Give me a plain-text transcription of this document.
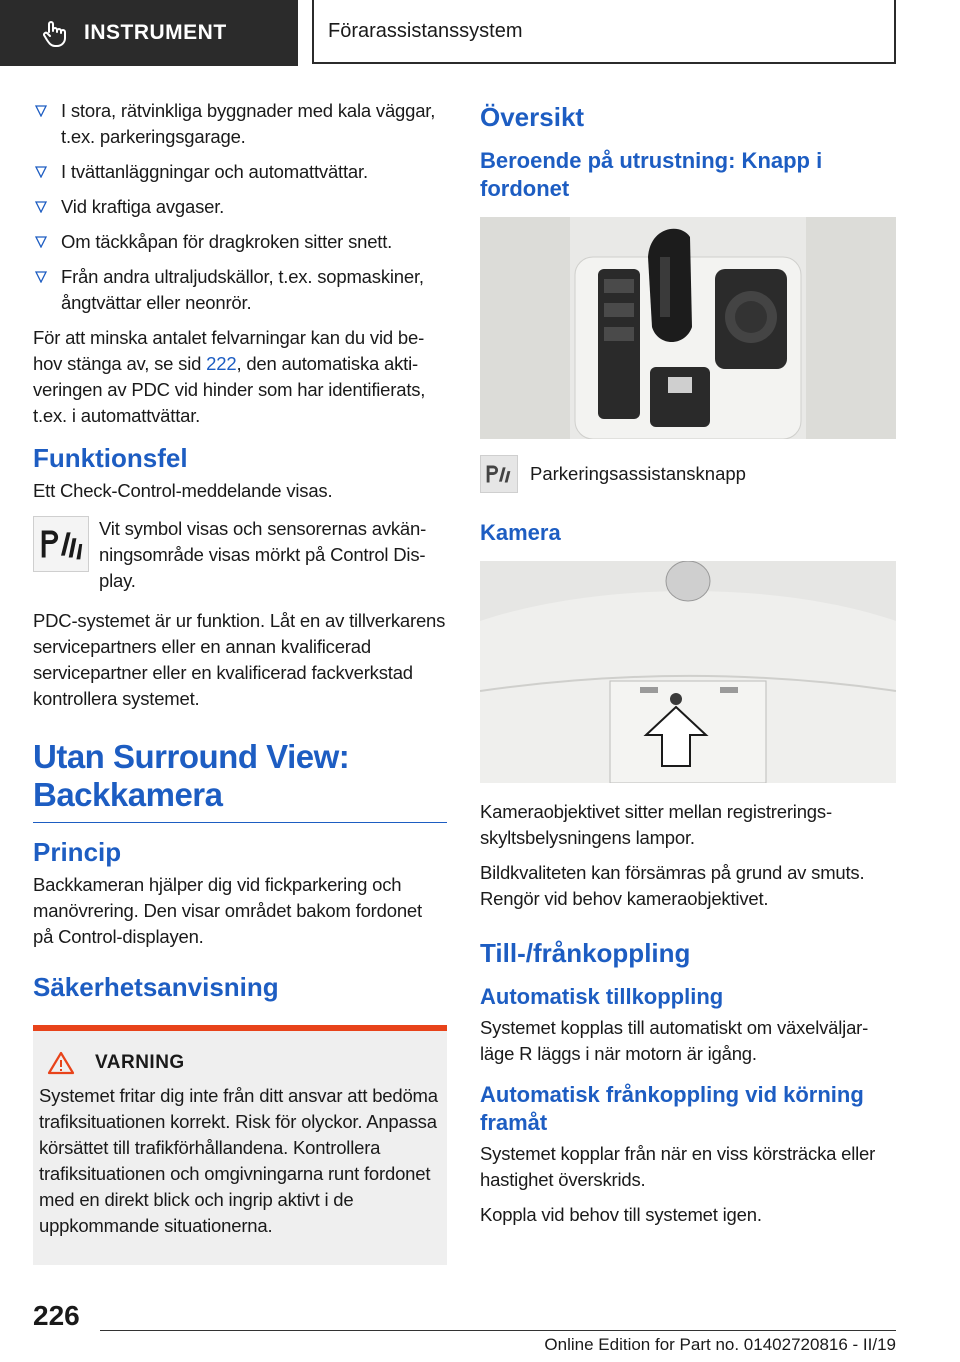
INSTRUMENT	Förarassistanssystem
I stora, rätvinkliga byggnader med kala väggar, t.ex. parkeringsgarage.
I tvättanläggningar och automattvättar.
Vid kraftiga avgaser.
Om täckkåpan för dragkroken sitter snett.
Från andra ultraljudskällor, t.ex. sopmaskiner, ångtvättar eller neonrör.

För att minska antalet felvarningar kan du vid behov stänga av, se sid 222, den automatiska aktiveringen av PDC vid hinder som har identifierats, t.ex. i automattvättar.

Funktionsfel

Ett Check-Control-meddelande visas.

Vit symbol visas och sensorernas avkänningsområde visas mörkt på Control Display.

PDC-systemet är ur funktion. Låt en av tillverkarens servicepartners eller en annan kvalificerad servicepartner eller en kvalificerad fackverkstad kontrollera systemet.

Utan Surround View: Backkamera
Princip

Backkameran hjälper dig vid fickparkering och manövrering. Den visar området bakom fordonet på Control-displayen.

Säkerhetsanvisning
VARNING

Systemet fritar dig inte från ditt ansvar att bedöma trafiksituationen korrekt. Risk för olyckor. Anpassa körsättet till trafikförhållandena. Kontrollera trafiksituationen och omgivningarna runt fordonet med en direkt blick och ingrip aktivt i de uppkommande situationerna.

Översikt
Beroende på utrustning: Knapp i fordonet
Parkeringsassistansknapp
Kamera

Kameraobjektivet sitter mellan registreringsskyltsbelysningens lampor.

Bildkvaliteten kan försämras på grund av smuts. Rengör vid behov kameraobjektivet.

Till-/frånkoppling
Automatisk tillkoppling

Systemet kopplas till automatiskt om växelväljarläge R läggs i när motorn är igång.

Automatisk frånkoppling vid körning framåt

Systemet kopplar från när en viss körsträcka eller hastighet överskrids.

Koppla vid behov till systemet igen.

226
Online Edition for Part no. 01402720816 - II/19
